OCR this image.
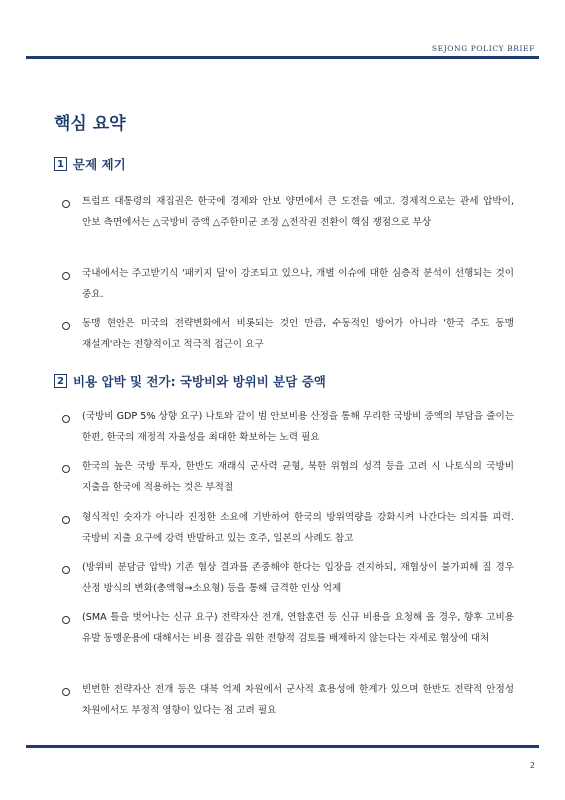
SEJONG POLICY BRIEF
핵심 요약
1 문제 제기
트럼프 대통령의 재집권은 한국에 경제와 안보 양면에서 큰 도전을 예고. 경제적으로는 관세 압박이, 안보 측면에서는 △국방비 증액 △주한미군 조정 △전작권 전환이 핵심 쟁점으로 부상
국내에서는 주고받기식 '패키지 딜'이 강조되고 있으나, 개별 이슈에 대한 심층적 분석이 선행되는 것이 중요.
동맹 현안은 미국의 전략변화에서 비롯되는 것인 만큼, 수동적인 방어가 아니라 '한국 주도 동맹 재설계'라는 전향적이고 적극적 접근이 요구
2 비용 압박 및 전가: 국방비와 방위비 분담 증액
(국방비 GDP 5% 상향 요구) 나토와 같이 범 안보비용 산정을 통해 무리한 국방비 증액의 부담을 줄이는 한편, 한국의 재정적 자율성을 최대한 확보하는 노력 필요
한국의 높은 국방 투자, 한반도 재래식 군사력 균형, 북한 위협의 성격 등을 고려 시 나토식의 국방비 지출을 한국에 적용하는 것은 부적절
형식적인 숫자가 아니라 진정한 소요에 기반하여 한국의 방위역량을 강화시켜 나간다는 의지를 피력. 국방비 지출 요구에 강력 반발하고 있는 호주, 일본의 사례도 참고
(방위비 분담금 압박) 기존 협상 결과를 존중해야 한다는 입장을 견지하되, 재협상이 불가피해 질 경우 산정 방식의 변화(총액형→소요형) 등을 통해 급격한 인상 억제
(SMA 틀을 벗어나는 신규 요구) 전략자산 전개, 연합훈련 등 신규 비용을 요청해 올 경우, 향후 고비용 유발 동맹운용에 대해서는 비용 절감을 위한 전향적 검토를 배제하지 않는다는 자세로 협상에 대처
빈번한 전략자산 전개 등은 대북 억제 차원에서 군사적 효용성에 한계가 있으며 한반도 전략적 안정성 차원에서도 부정적 영향이 있다는 점 고려 필요
2
